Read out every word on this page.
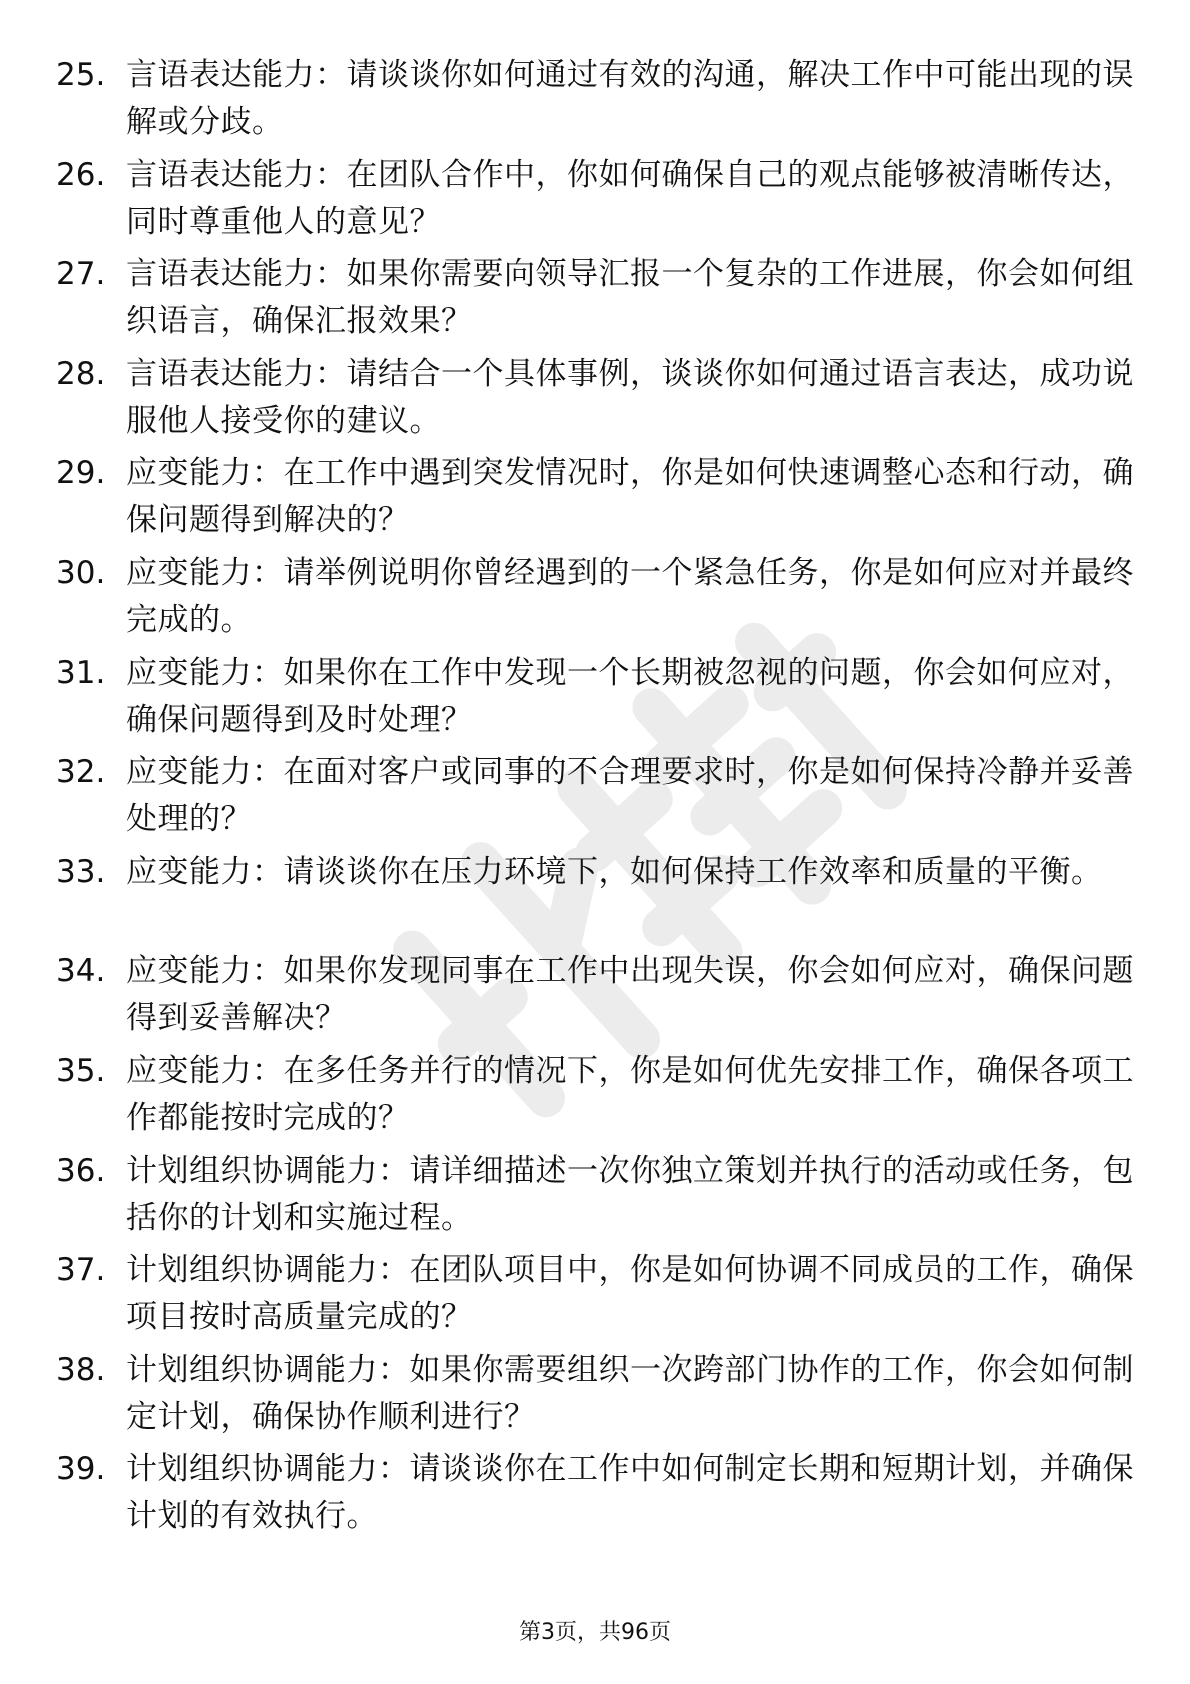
25. 言语表达能力：请谈谈你如何通过有效的沟通，解决工作中可能出现的误解或分歧。
26. 言语表达能力：在团队合作中，你如何确保自己的观点能够被清晰传达，同时尊重他人的意见？
27. 言语表达能力：如果你需要向领导汇报一个复杂的工作进展，你会如何组织语言，确保汇报效果？
28. 言语表达能力：请结合一个具体事例，谈谈你如何通过语言表达，成功说服他人接受你的建议。
29. 应变能力：在工作中遇到突发情况时，你是如何快速调整心态和行动，确保问题得到解决的？
30. 应变能力：请举例说明你曾经遇到的一个紧急任务，你是如何应对并最终完成的。
31. 应变能力：如果你在工作中发现一个长期被忽视的问题，你会如何应对，确保问题得到及时处理？
32. 应变能力：在面对客户或同事的不合理要求时，你是如何保持冷静并妥善处理的？
33. 应变能力：请谈谈你在压力环境下，如何保持工作效率和质量的平衡。
34. 应变能力：如果你发现同事在工作中出现失误，你会如何应对，确保问题得到妥善解决？
35. 应变能力：在多任务并行的情况下，你是如何优先安排工作，确保各项工作都能按时完成的？
36. 计划组织协调能力：请详细描述一次你独立策划并执行的活动或任务，包括你的计划和实施过程。
37. 计划组织协调能力：在团队项目中，你是如何协调不同成员的工作，确保项目按时高质量完成的？
38. 计划组织协调能力：如果你需要组织一次跨部门协作的工作，你会如何制定计划，确保协作顺利进行？
39. 计划组织协调能力：请谈谈你在工作中如何制定长期和短期计划，并确保计划的有效执行。
第3页，共96页
